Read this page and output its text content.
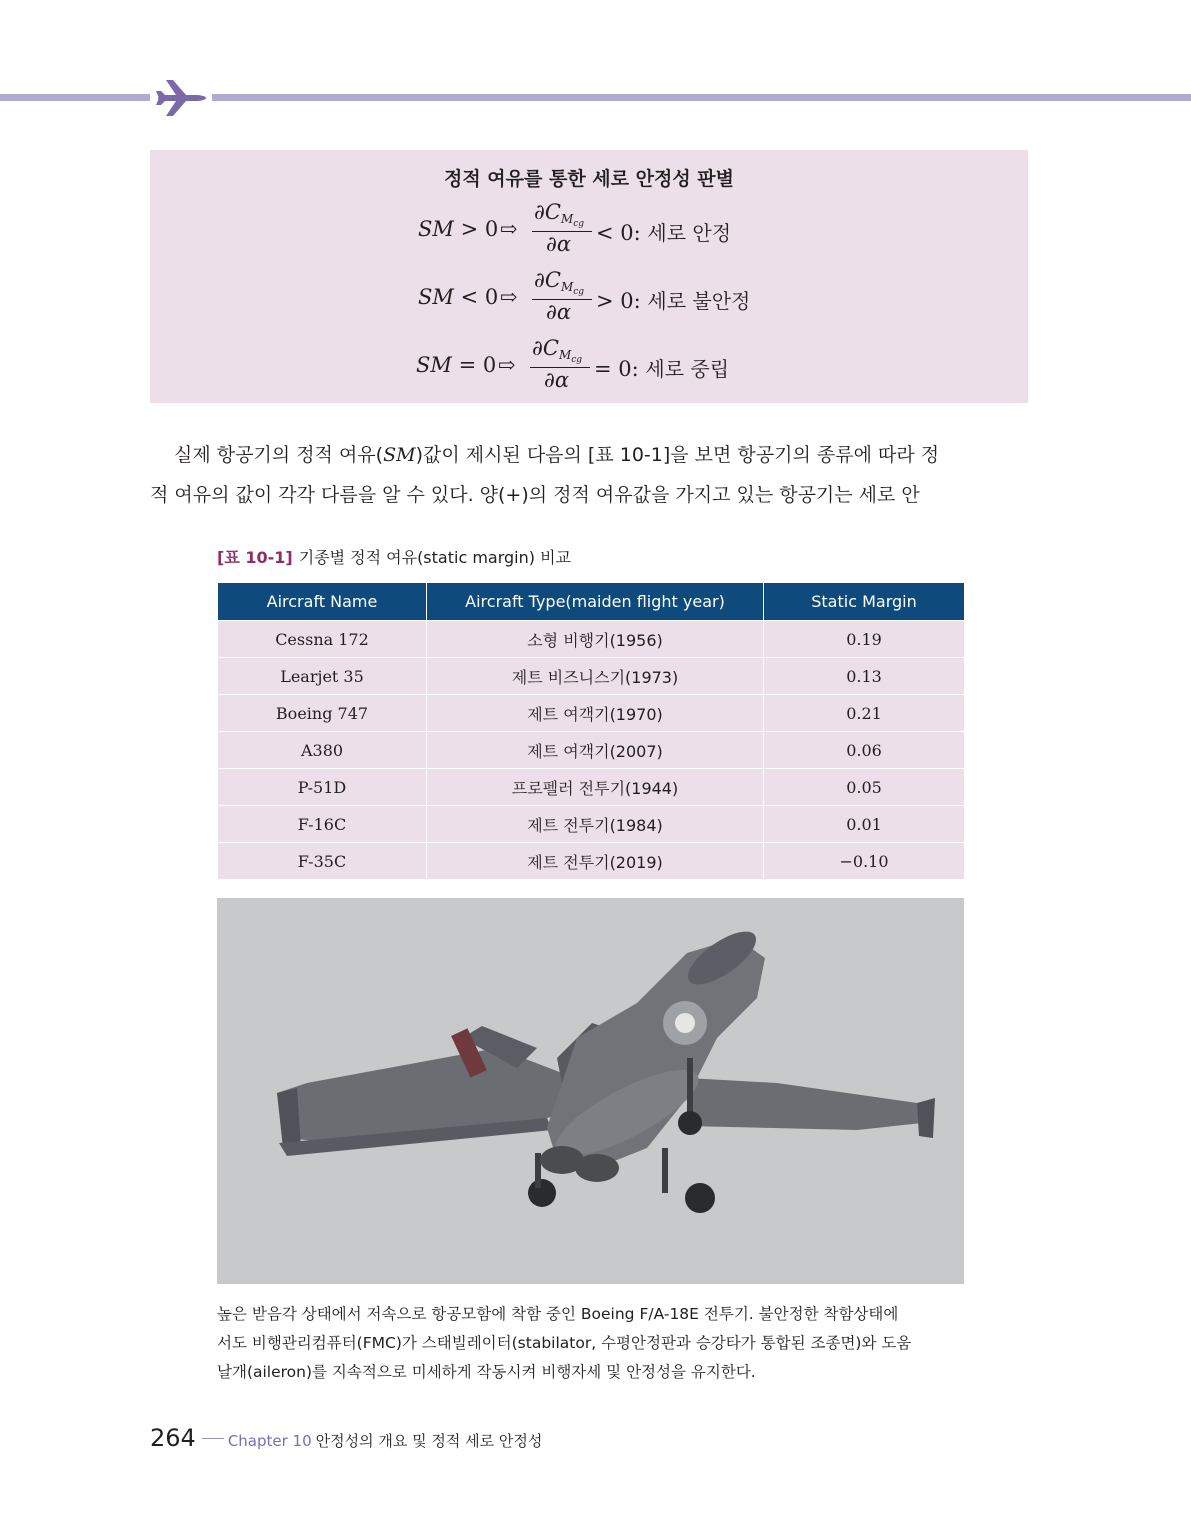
정적 여유를 통한 세로 안정성 판별
SM > 0 ⇨
$\partial C_{M_{cg}}$
∂α < 0: 세로 안정
SM < 0 ⇨
$\partial C_{M_{cg}}$
∂α > 0: 세로 불안정
SM = 0 ⇨
$\partial C_{M_{cg}}$
∂α = 0: 세로 중립
실제 항공기의 정적 여유(SM)값이 제시된 다음의 [표 10-1]을 보면 항공기의 종류에 따라 정
적 여유의 값이 각각 다름을 알 수 있다. 양(+)의 정적 여유값을 가지고 있는 항공기는 세로 안
[표 10-1] 기종별 정적 여유(static margin) 비교
Aircraft Name	Aircraft Type(maiden flight year)	Static Margin
Cessna 172	소형 비행기(1956)	0.19
Learjet 35	제트 비즈니스기(1973)	0.13
Boeing 747	제트 여객기(1970)	0.21
A380	제트 여객기(2007)	0.06
P-51D	프로펠러 전투기(1944)	0.05
F-16C	제트 전투기(1984)	0.01
F-35C	제트 전투기(2019)	−0.10
높은 받음각 상태에서 저속으로 항공모함에 착함 중인 Boeing F/A-18E 전투기. 불안정한 착함상태에
서도 비행관리컴퓨터(FMC)가 스태빌레이터(stabilator, 수평안정판과 승강타가 통합된 조종면)와 도움
날개(aileron)를 지속적으로 미세하게 작동시켜 비행자세 및 안정성을 유지한다.
264 Chapter 10 안정성의 개요 및 정적 세로 안정성
